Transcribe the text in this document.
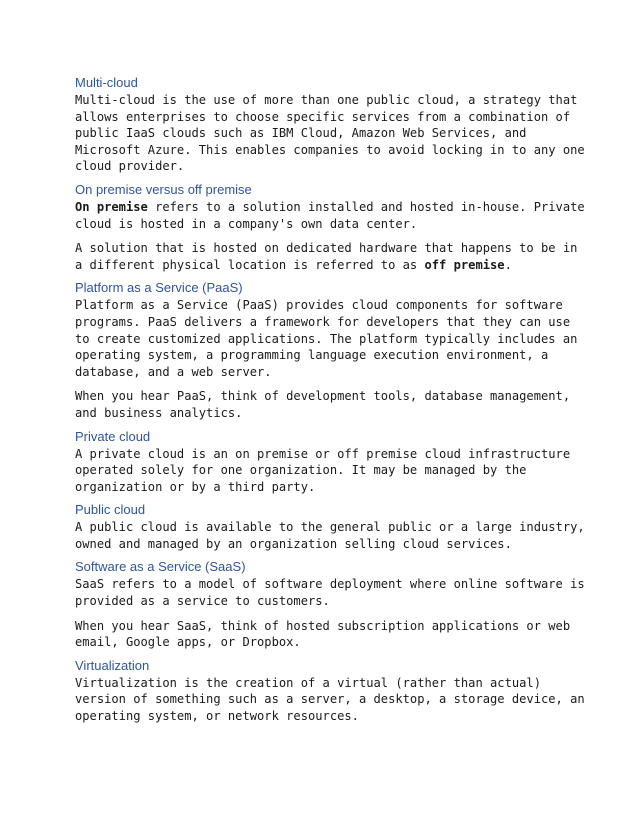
Multi-cloud
Multi-cloud is the use of more than one public cloud, a strategy that
allows enterprises to choose specific services from a combination of
public IaaS clouds such as IBM Cloud, Amazon Web Services, and
Microsoft Azure. This enables companies to avoid locking in to any one
cloud provider.
On premise versus off premise
On premise refers to a solution installed and hosted in-house. Private
cloud is hosted in a company's own data center.
A solution that is hosted on dedicated hardware that happens to be in
a different physical location is referred to as off premise.
Platform as a Service (PaaS)
Platform as a Service (PaaS) provides cloud components for software
programs. PaaS delivers a framework for developers that they can use
to create customized applications. The platform typically includes an
operating system, a programming language execution environment, a
database, and a web server.
When you hear PaaS, think of development tools, database management,
and business analytics.
Private cloud
A private cloud is an on premise or off premise cloud infrastructure
operated solely for one organization. It may be managed by the
organization or by a third party.
Public cloud
A public cloud is available to the general public or a large industry,
owned and managed by an organization selling cloud services.
Software as a Service (SaaS)
SaaS refers to a model of software deployment where online software is
provided as a service to customers.
When you hear SaaS, think of hosted subscription applications or web
email, Google apps, or Dropbox.
Virtualization
Virtualization is the creation of a virtual (rather than actual)
version of something such as a server, a desktop, a storage device, an
operating system, or network resources.
